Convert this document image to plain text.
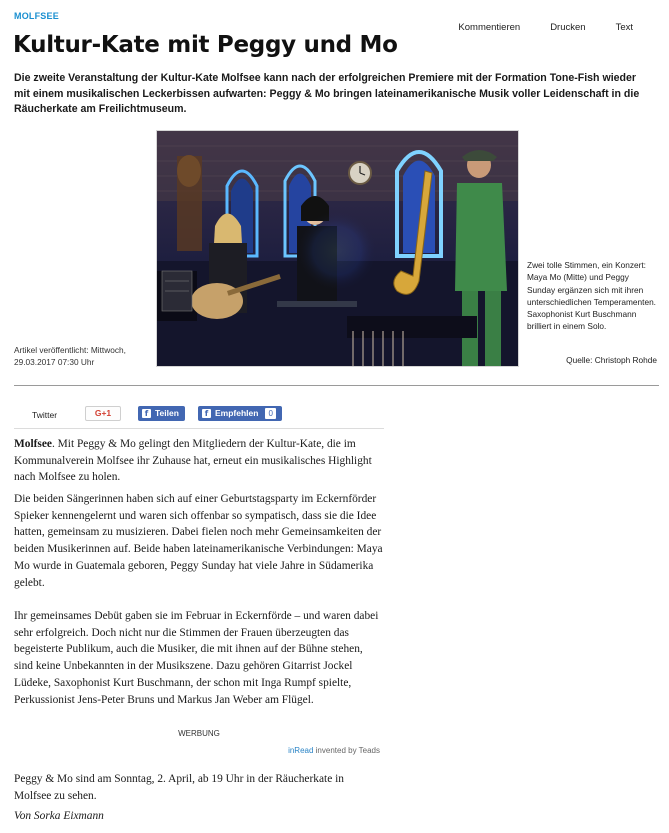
MOLFSEE
Kommentieren	Drucken	Text
Kultur-Kate mit Peggy und Mo

Die zweite Veranstaltung der Kultur-Kate Molfsee kann nach der erfolgreichen Premiere mit der Formation Tone-Fish wieder mit einem musikalischen Leckerbissen aufwarten: Peggy & Mo bringen lateinamerikanische Musik voller Leidenschaft in die Räucherkate am Freilichtmuseum.

Artikel veröffentlicht: Mittwoch,
29.03.2017 07:30 Uhr
Zwei tolle Stimmen, ein Konzert: Maya Mo (Mitte) und Peggy Sunday ergänzen sich mit ihren unterschiedlichen Temperamenten. Saxophonist Kurt Buschmann brilliert in einem Solo.
Quelle: Christoph Rohde
Twitter	G+1	f Teilen	f Empfehlen	0

Molfsee. Mit Peggy & Mo gelingt den Mitgliedern der Kultur-Kate, die im Kommunalverein Molfsee ihr Zuhause hat, erneut ein musikalisches Highlight nach Molfsee zu holen.

Die beiden Sängerinnen haben sich auf einer Geburtstagsparty im Eckernförder Spieker kennengelernt und waren sich offenbar so sympatisch, dass sie die Idee hatten, gemeinsam zu musizieren. Dabei fielen noch mehr Gemeinsamkeiten der beiden Musikerinnen auf. Beide haben lateinamerikanische Verbindungen: Maya Mo wurde in Guatemala geboren, Peggy Sunday hat viele Jahre in Südamerika gelebt.

Ihr gemeinsames Debüt gaben sie im Februar in Eckernförde – und waren dabei sehr erfolgreich. Doch nicht nur die Stimmen der Frauen überzeugten das begeisterte Publikum, auch die Musiker, die mit ihnen auf der Bühne stehen, sind keine Unbekannten in der Musikszene. Dazu gehören Gitarrist Jockel Lüdeke, Saxophonist Kurt Buschmann, der schon mit Inga Rumpf spielte, Perkussionist Jens-Peter Bruns und Markus Jan Weber am Flügel.

WERBUNG
inRead invented by Teads

Peggy & Mo sind am Sonntag, 2. April, ab 19 Uhr in der Räucherkate in Molfsee zu sehen.

Von Sorka Eixmann
